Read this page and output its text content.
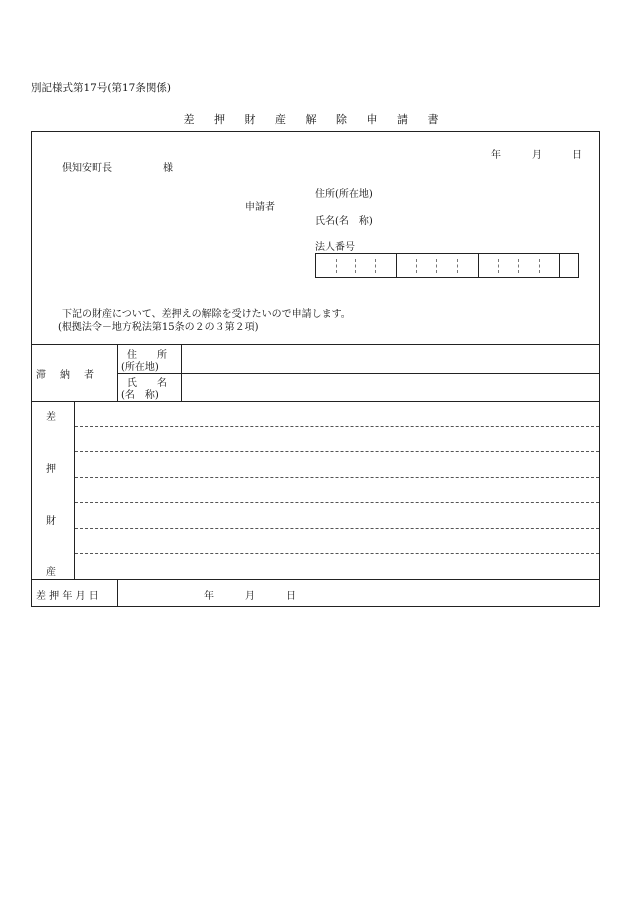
別記様式第17号(第17条関係)
差 押 財 産 解 除 申 請 書
年	月	日
倶知安町長	様
申請者
住所(所在地)
氏名(名　称)
法人番号
下記の財産について、差押えの解除を受けたいので申請します。
(根拠法令－地方税法第15条の２の３第２項)
滞　納　者
住　　所
(所在地)
氏　　名
(名　称)
差
押
財
産
差 押 年 月 日	年	月	日
